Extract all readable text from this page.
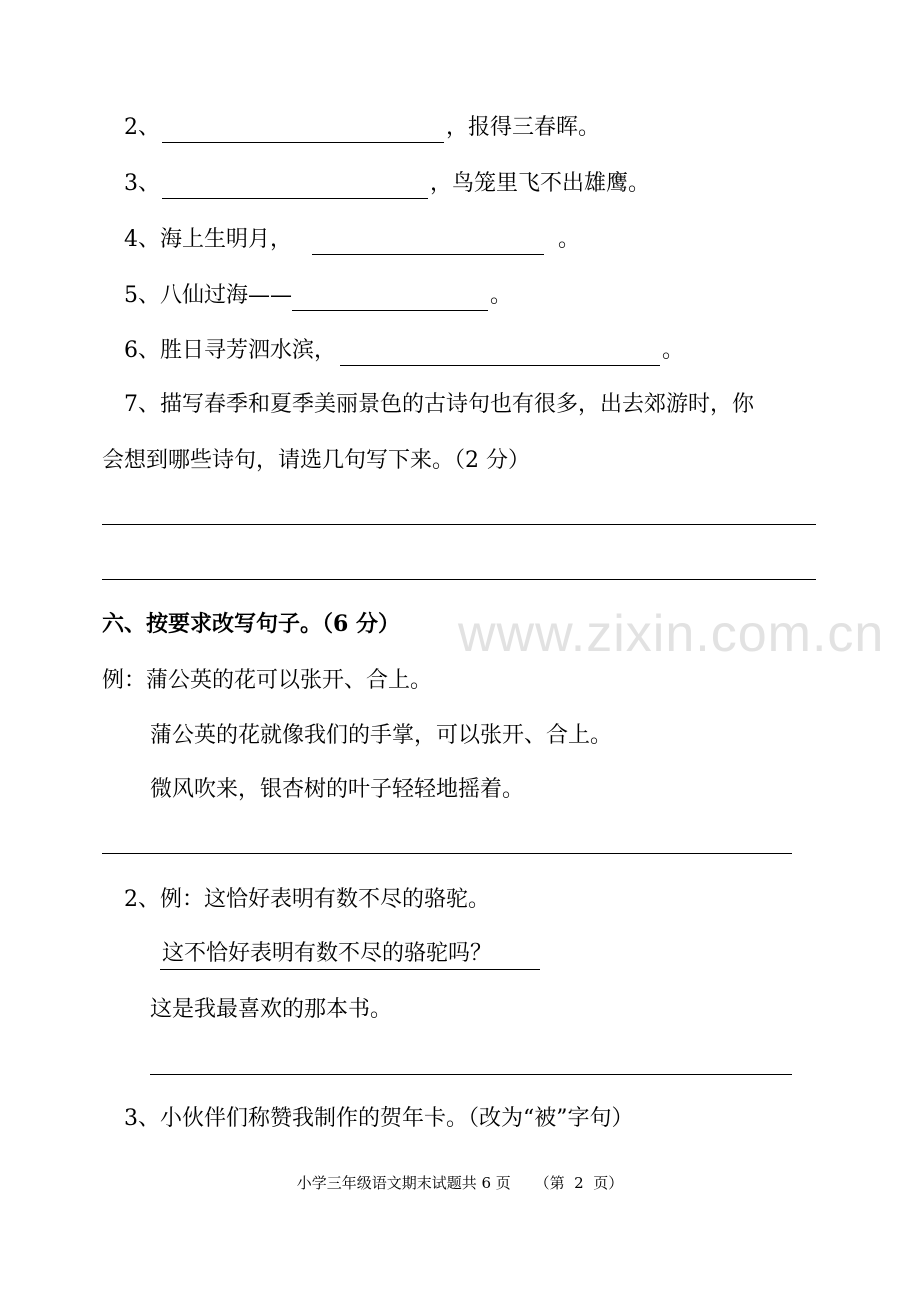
www.zixin.com.cn
2、	，报得三春晖。
3、	，鸟笼里飞不出雄鹰。
4、海上生明月，	。
5、八仙过海——	。
6、胜日寻芳泗水滨，	。
7、描写春季和夏季美丽景色的古诗句也有很多，出去郊游时，你
会想到哪些诗句，请选几句写下来。（2 分）
六、按要求改写句子。（6 分）
例：蒲公英的花可以张开、合上。
蒲公英的花就像我们的手掌，可以张开、合上。
微风吹来，银杏树的叶子轻轻地摇着。
2、例：这恰好表明有数不尽的骆驼。
这不恰好表明有数不尽的骆驼吗？
这是我最喜欢的那本书。
3、小伙伴们称赞我制作的贺年卡。（改为“被”字句）
小学三年级语文期末试题共 6 页     （第  2  页）
